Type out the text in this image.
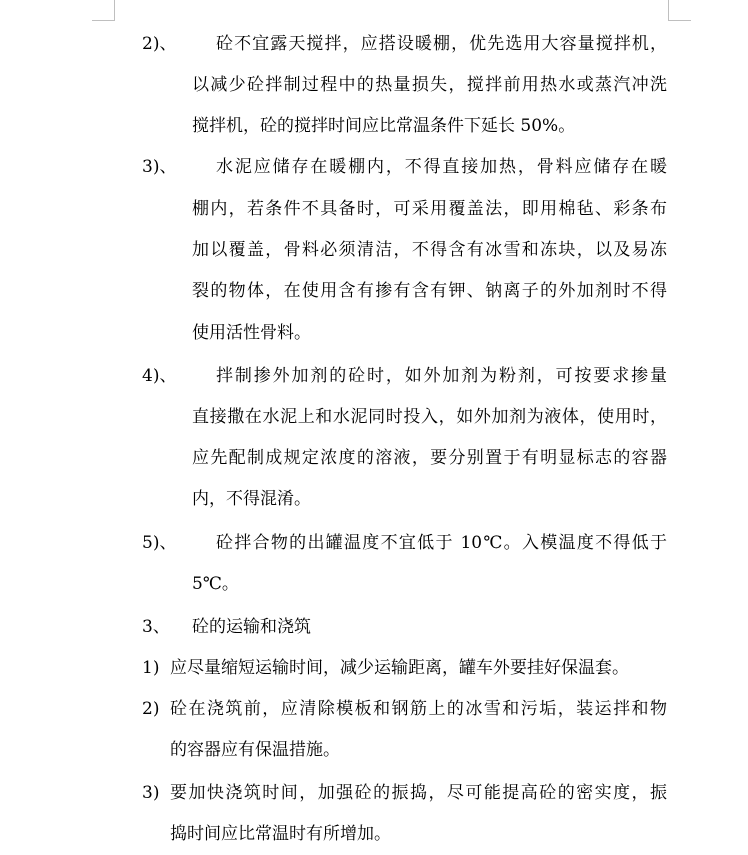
2)、 砼不宜露天搅拌，应搭设暖棚，优先选用大容量搅拌机，
以减少砼拌制过程中的热量损失，搅拌前用热水或蒸汽冲洗
搅拌机，砼的搅拌时间应比常温条件下延长 50%。
3)、 水泥应储存在暖棚内，不得直接加热，骨料应储存在暖
棚内，若条件不具备时，可采用覆盖法，即用棉毡、彩条布
加以覆盖，骨料必须清洁，不得含有冰雪和冻块，以及易冻
裂的物体，在使用含有掺有含有钾、钠离子的外加剂时不得
使用活性骨料。
4)、 拌制掺外加剂的砼时，如外加剂为粉剂，可按要求掺量
直接撒在水泥上和水泥同时投入，如外加剂为液体，使用时，
应先配制成规定浓度的溶液，要分别置于有明显标志的容器
内，不得混淆。
5)、 砼拌合物的出罐温度不宜低于 10℃。入模温度不得低于
5℃。
3、 砼的运输和浇筑
1) 应尽量缩短运输时间，减少运输距离，罐车外要挂好保温套。
2) 砼在浇筑前，应清除模板和钢筋上的冰雪和污垢，装运拌和物
的容器应有保温措施。
3) 要加快浇筑时间，加强砼的振捣，尽可能提高砼的密实度，振
捣时间应比常温时有所增加。
